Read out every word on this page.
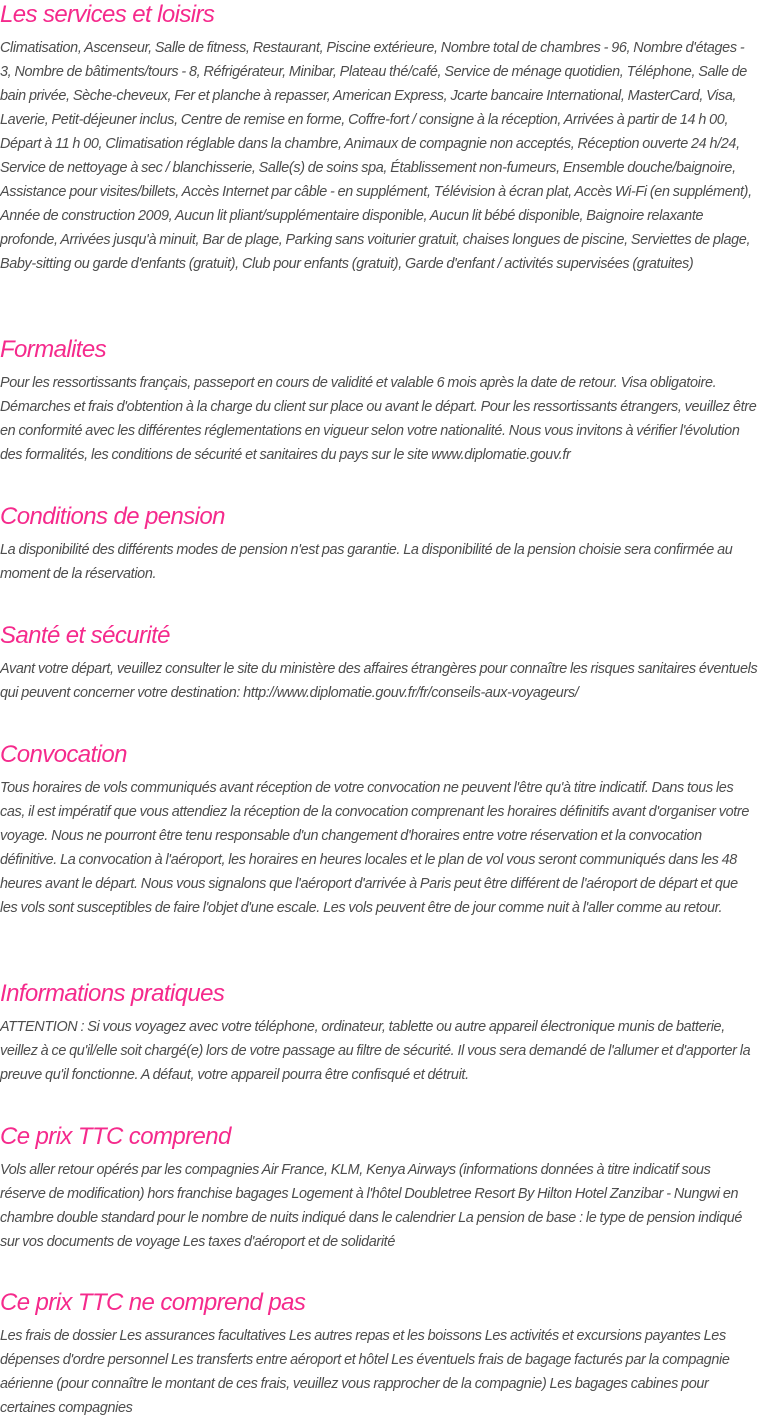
Les services et loisirs

Climatisation, Ascenseur, Salle de fitness, Restaurant, Piscine extérieure, Nombre total de chambres - 96, Nombre d'étages - 3, Nombre de bâtiments/tours - 8, Réfrigérateur, Minibar, Plateau thé/café, Service de ménage quotidien, Téléphone, Salle de bain privée, Sèche-cheveux, Fer et planche à repasser, American Express, Jcarte bancaire International, MasterCard, Visa, Laverie, Petit-déjeuner inclus, Centre de remise en forme, Coffre-fort / consigne à la réception, Arrivées à partir de 14 h 00, Départ à 11 h 00, Climatisation réglable dans la chambre, Animaux de compagnie non acceptés, Réception ouverte 24 h/24, Service de nettoyage à sec / blanchisserie, Salle(s) de soins spa, Établissement non-fumeurs, Ensemble douche/baignoire, Assistance pour visites/billets, Accès Internet par câble - en supplément, Télévision à écran plat, Accès Wi-Fi (en supplément), Année de construction 2009, Aucun lit pliant/supplémentaire disponible, Aucun lit bébé disponible, Baignoire relaxante profonde, Arrivées jusqu'à minuit, Bar de plage, Parking sans voiturier gratuit, chaises longues de piscine, Serviettes de plage, Baby-sitting ou garde d'enfants (gratuit), Club pour enfants (gratuit), Garde d'enfant / activités supervisées (gratuites)

Formalites

Pour les ressortissants français, passeport en cours de validité et valable 6 mois après la date de retour. Visa obligatoire. Démarches et frais d'obtention à la charge du client sur place ou avant le départ. Pour les ressortissants étrangers, veuillez être en conformité avec les différentes réglementations en vigueur selon votre nationalité. Nous vous invitons à vérifier l'évolution des formalités, les conditions de sécurité et sanitaires du pays sur le site www.diplomatie.gouv.fr

Conditions de pension

La disponibilité des différents modes de pension n'est pas garantie. La disponibilité de la pension choisie sera confirmée au moment de la réservation.

Santé et sécurité

Avant votre départ, veuillez consulter le site du ministère des affaires étrangères pour connaître les risques sanitaires éventuels qui peuvent concerner votre destination: http://www.diplomatie.gouv.fr/fr/conseils-aux-voyageurs/

Convocation

Tous horaires de vols communiqués avant réception de votre convocation ne peuvent l'être qu'à titre indicatif. Dans tous les cas, il est impératif que vous attendiez la réception de la convocation comprenant les horaires définitifs avant d'organiser votre voyage. Nous ne pourront être tenu responsable d'un changement d'horaires entre votre réservation et la convocation définitive. La convocation à l'aéroport, les horaires en heures locales et le plan de vol vous seront communiqués dans les 48 heures avant le départ. Nous vous signalons que l'aéroport d'arrivée à Paris peut être différent de l'aéroport de départ et que les vols sont susceptibles de faire l'objet d'une escale. Les vols peuvent être de jour comme nuit à l'aller comme au retour.

Informations pratiques

ATTENTION : Si vous voyagez avec votre téléphone, ordinateur, tablette ou autre appareil électronique munis de batterie, veillez à ce qu'il/elle soit chargé(e) lors de votre passage au filtre de sécurité. Il vous sera demandé de l'allumer et d'apporter la preuve qu'il fonctionne. A défaut, votre appareil pourra être confisqué et détruit.

Ce prix TTC comprend

Vols aller retour opérés par les compagnies Air France, KLM, Kenya Airways (informations données à titre indicatif sous réserve de modification) hors franchise bagages Logement à l'hôtel Doubletree Resort By Hilton Hotel Zanzibar - Nungwi en chambre double standard pour le nombre de nuits indiqué dans le calendrier La pension de base : le type de pension indiqué sur vos documents de voyage Les taxes d'aéroport et de solidarité

Ce prix TTC ne comprend pas

Les frais de dossier Les assurances facultatives Les autres repas et les boissons Les activités et excursions payantes Les dépenses d'ordre personnel Les transferts entre aéroport et hôtel Les éventuels frais de bagage facturés par la compagnie aérienne (pour connaître le montant de ces frais, veuillez vous rapprocher de la compagnie) Les bagages cabines pour certaines compagnies
